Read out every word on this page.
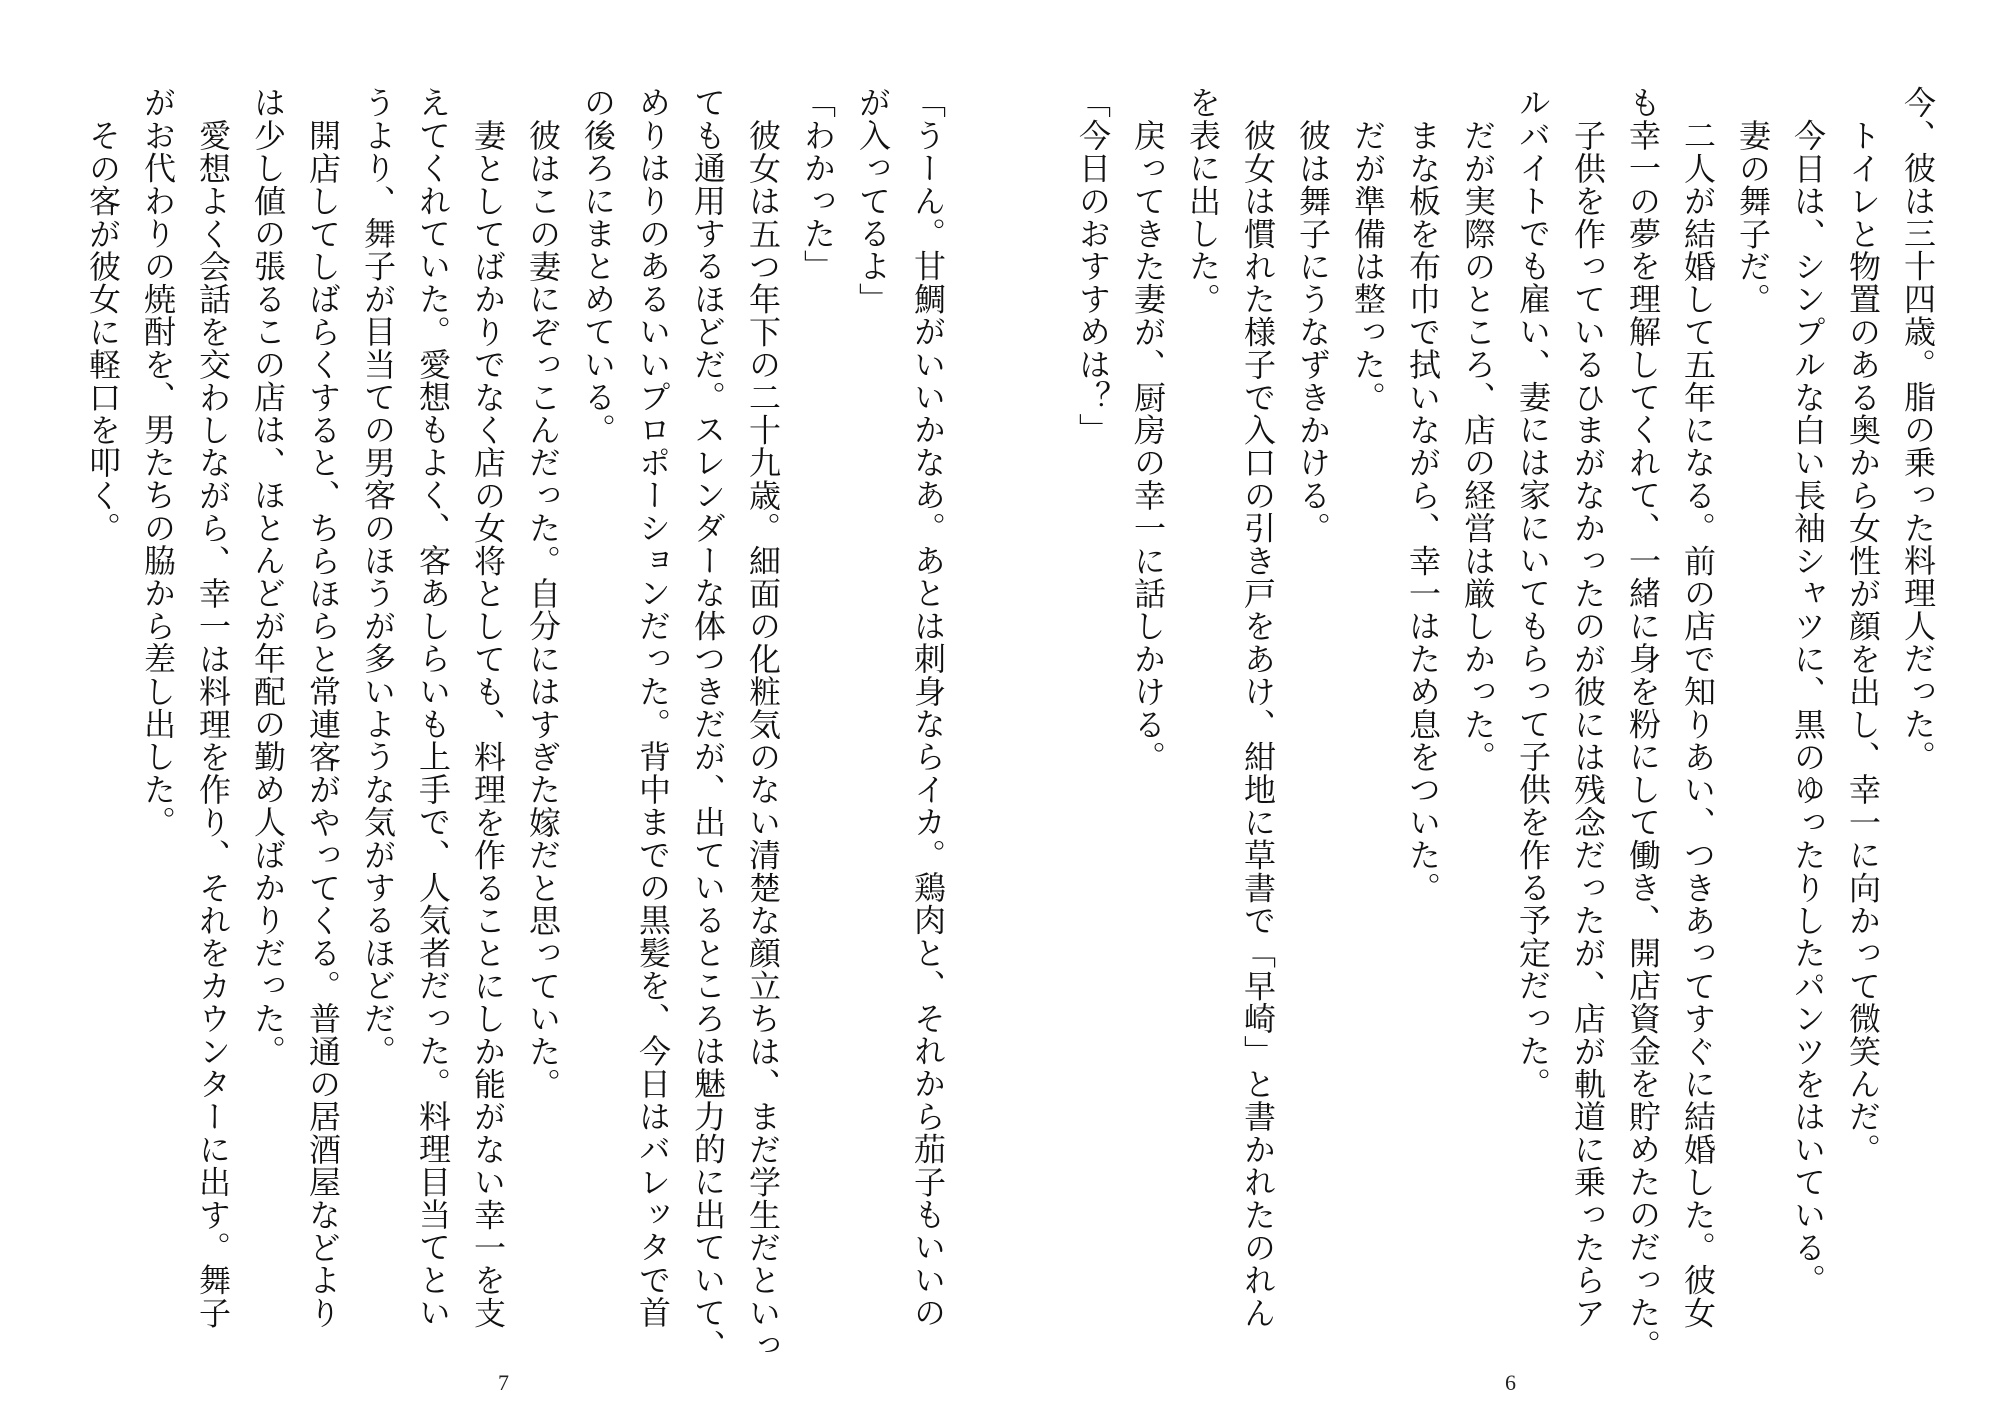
今、彼は三十四歳。脂の乗った料理人だった。
トイレと物置のある奥から女性が顔を出し、幸一に向かって微笑んだ。
今日は、シンプルな白い長袖シャツに、黒のゆったりしたパンツをはいている。
妻の舞子だ。
二人が結婚して五年になる。前の店で知りあい、つきあってすぐに結婚した。彼女
も幸一の夢を理解してくれて、一緒に身を粉にして働き、開店資金を貯めたのだった。
子供を作っているひまがなかったのが彼には残念だったが、店が軌道に乗ったらア
ルバイトでも雇い、妻には家にいてもらって子供を作る予定だった。
だが実際のところ、店の経営は厳しかった。
まな板を布巾で拭いながら、幸一はため息をついた。
だが準備は整った。
彼は舞子にうなずきかける。
彼女は慣れた様子で入口の引き戸をあけ、紺地に草書で「早崎」と書かれたのれん
を表に出した。
戻ってきた妻が、厨房の幸一に話しかける。
「今日のおすすめは？」
6
「うーん。甘鯛がいいかなあ。あとは刺身ならイカ。鶏肉と、それから茄子もいいの
が入ってるよ」
「わかった」
彼女は五つ年下の二十九歳。細面の化粧気のない清楚な顔立ちは、まだ学生だといっ
ても通用するほどだ。スレンダーな体つきだが、出ているところは魅力的に出ていて、
めりはりのあるいいプロポーションだった。背中までの黒髪を、今日はバレッタで首
の後ろにまとめている。
彼はこの妻にぞっこんだった。自分にはすぎた嫁だと思っていた。
妻としてばかりでなく店の女将としても、料理を作ることにしか能がない幸一を支
えてくれていた。愛想もよく、客あしらいも上手で、人気者だった。料理目当てとい
うより、舞子が目当ての男客のほうが多いような気がするほどだ。
開店してしばらくすると、ちらほらと常連客がやってくる。普通の居酒屋などより
は少し値の張るこの店は、ほとんどが年配の勤め人ばかりだった。
愛想よく会話を交わしながら、幸一は料理を作り、それをカウンターに出す。舞子
がお代わりの焼酎を、男たちの脇から差し出した。
その客が彼女に軽口を叩く。
7
